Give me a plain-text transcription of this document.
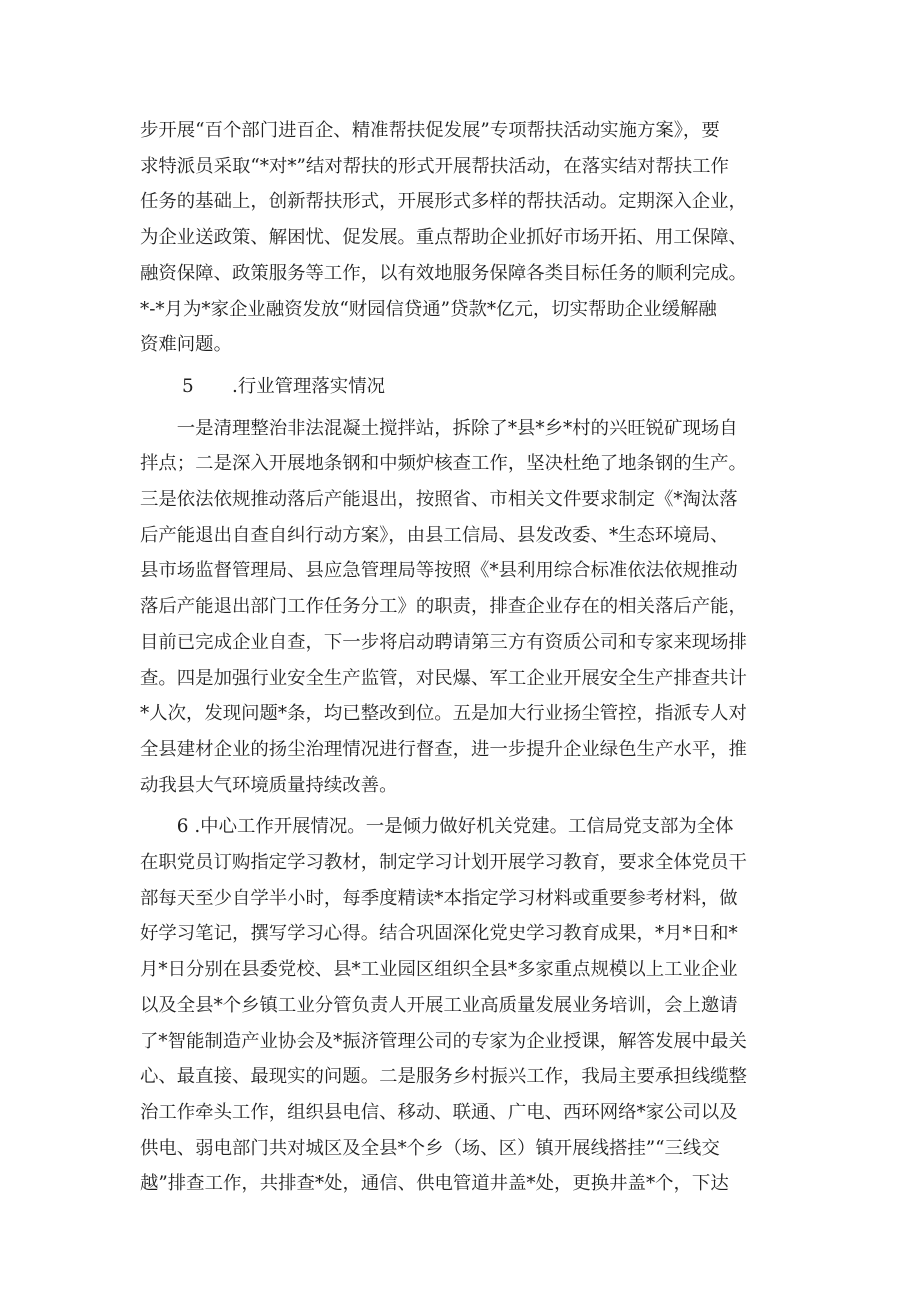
步开展“百个部门进百企、精准帮扶促发展”专项帮扶活动实施方案》，要
求特派员采取“*对*”结对帮扶的形式开展帮扶活动，在落实结对帮扶工作
任务的基础上，创新帮扶形式，开展形式多样的帮扶活动。定期深入企业，
为企业送政策、解困忧、促发展。重点帮助企业抓好市场开拓、用工保障、
融资保障、政策服务等工作，以有效地服务保障各类目标任务的顺利完成。
*-*月为*家企业融资发放“财园信贷通”贷款*亿元，切实帮助企业缓解融
资难问题。

5 .行业管理落实情况

　　一是清理整治非法混凝土搅拌站，拆除了*县*乡*村的兴旺锐矿现场自
拌点；二是深入开展地条钢和中频炉核查工作，坚决杜绝了地条钢的生产。
三是依法依规推动落后产能退出，按照省、市相关文件要求制定《*淘汰落
后产能退出自查自纠行动方案》，由县工信局、县发改委、*生态环境局、
县市场监督管理局、县应急管理局等按照《*县利用综合标准依法依规推动
落后产能退出部门工作任务分工》的职责，排查企业存在的相关落后产能，
目前已完成企业自查，下一步将启动聘请第三方有资质公司和专家来现场排
查。四是加强行业安全生产监管，对民爆、军工企业开展安全生产排查共计
*人次，发现问题*条，均已整改到位。五是加大行业扬尘管控，指派专人对
全县建材企业的扬尘治理情况进行督查，进一步提升企业绿色生产水平，推
动我县大气环境质量持续改善。
　　6 .中心工作开展情况。一是倾力做好机关党建。工信局党支部为全体
在职党员订购指定学习教材，制定学习计划开展学习教育，要求全体党员干
部每天至少自学半小时，每季度精读*本指定学习材料或重要参考材料，做
好学习笔记，撰写学习心得。结合巩固深化党史学习教育成果，*月*日和*
月*日分别在县委党校、县*工业园区组织全县*多家重点规模以上工业企业
以及全县*个乡镇工业分管负责人开展工业高质量发展业务培训，会上邀请
了*智能制造产业协会及*振济管理公司的专家为企业授课，解答发展中最关
心、最直接、最现实的问题。二是服务乡村振兴工作，我局主要承担线缆整
治工作牵头工作，组织县电信、移动、联通、广电、西环网络*家公司以及
供电、弱电部门共对城区及全县*个乡（场、区）镇开展线搭挂”“三线交
越”排查工作，共排查*处，通信、供电管道井盖*处，更换井盖*个，下达
